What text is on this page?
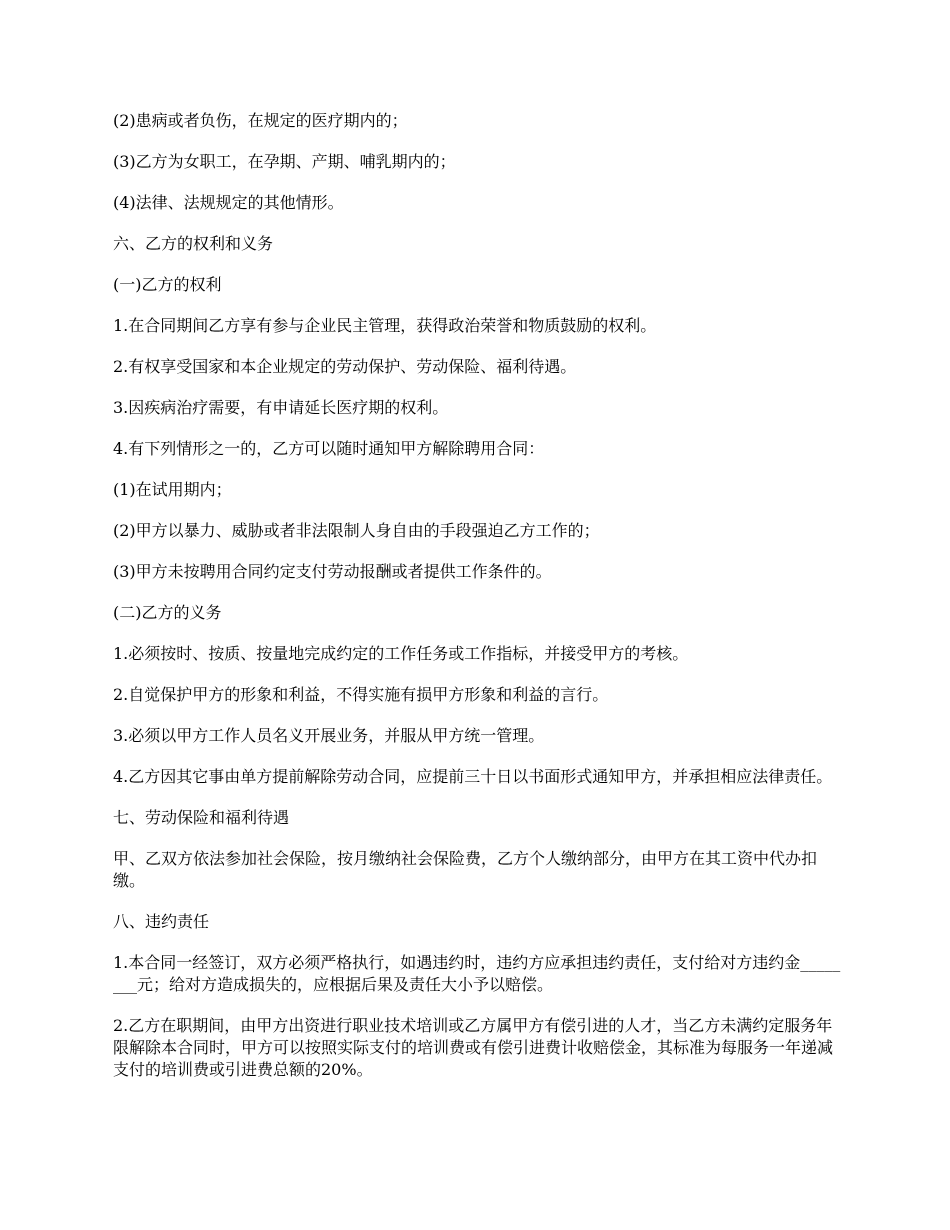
(2)患病或者负伤，在规定的医疗期内的；

(3)乙方为女职工，在孕期、产期、哺乳期内的；

(4)法律、法规规定的其他情形。

六、乙方的权利和义务

(一)乙方的权利

1.在合同期间乙方享有参与企业民主管理，获得政治荣誉和物质鼓励的权利。

2.有权享受国家和本企业规定的劳动保护、劳动保险、福利待遇。

3.因疾病治疗需要，有申请延长医疗期的权利。

4.有下列情形之一的，乙方可以随时通知甲方解除聘用合同：

(1)在试用期内；

(2)甲方以暴力、威胁或者非法限制人身自由的手段强迫乙方工作的；

(3)甲方未按聘用合同约定支付劳动报酬或者提供工作条件的。

(二)乙方的义务

1.必须按时、按质、按量地完成约定的工作任务或工作指标，并接受甲方的考核。

2.自觉保护甲方的形象和利益，不得实施有损甲方形象和利益的言行。

3.必须以甲方工作人员名义开展业务，并服从甲方统一管理。

4.乙方因其它事由单方提前解除劳动合同，应提前三十日以书面形式通知甲方，并承担相应法律责任。

七、劳动保险和福利待遇

甲、乙双方依法参加社会保险，按月缴纳社会保险费，乙方个人缴纳部分，由甲方在其工资中代办扣缴。

八、违约责任

1.本合同一经签订，双方必须严格执行，如遇违约时，违约方应承担违约责任，支付给对方违约金________元；给对方造成损失的，应根据后果及责任大小予以赔偿。

2.乙方在职期间，由甲方出资进行职业技术培训或乙方属甲方有偿引进的人才，当乙方未满约定服务年限解除本合同时，甲方可以按照实际支付的培训费或有偿引进费计收赔偿金，其标准为每服务一年递减支付的培训费或引进费总额的20%。
